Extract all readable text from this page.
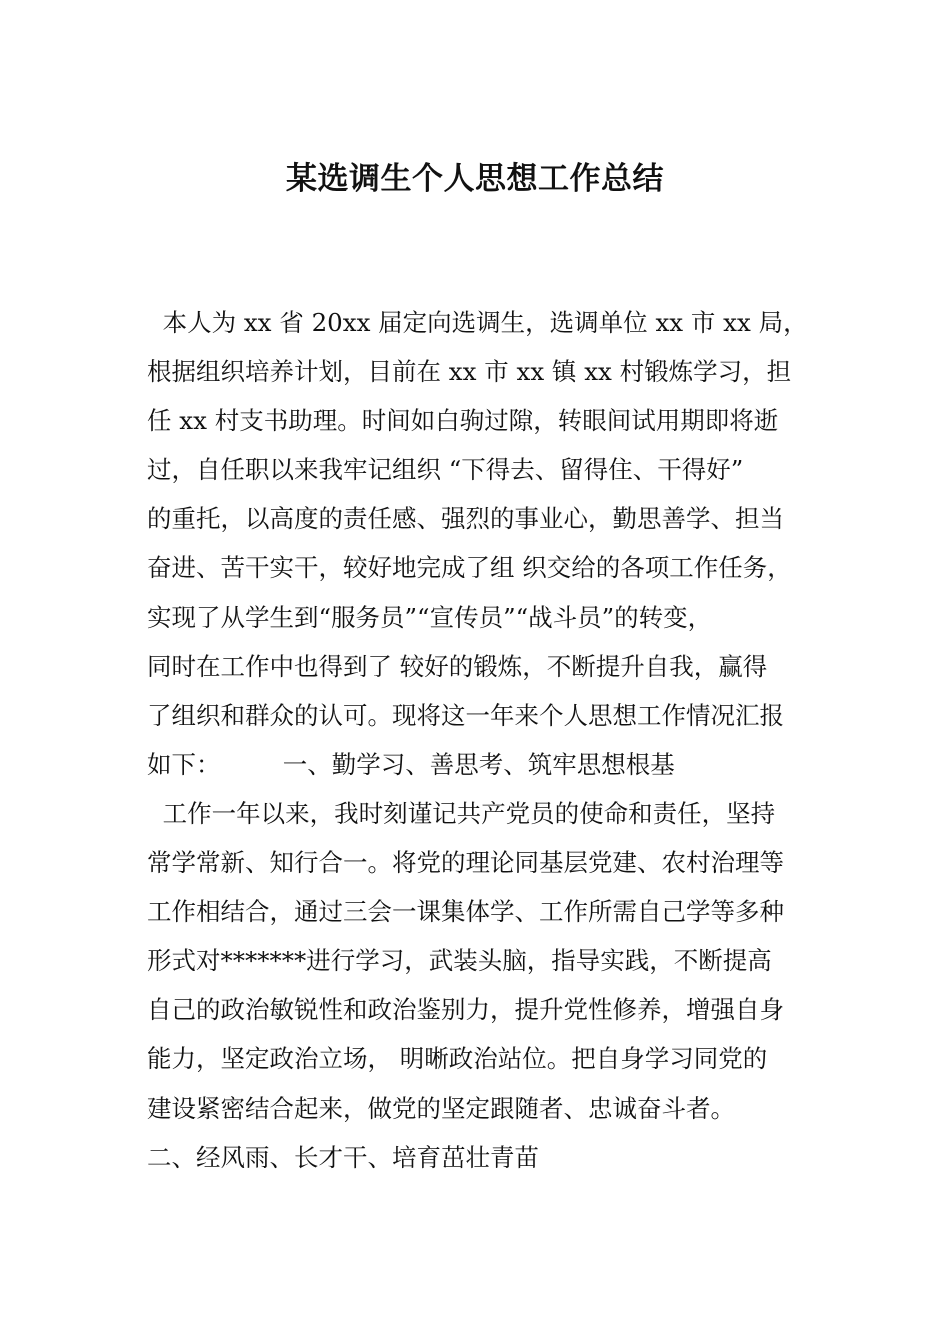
某选调生个人思想工作总结
本人为 xx 省 20xx 届定向选调生，选调单位 xx 市 xx 局，
根据组织培养计划，目前在 xx 市 xx 镇 xx 村锻炼学习，担
任 xx 村支书助理。时间如白驹过隙，转眼间试用期即将逝
过，自任职以来我牢记组织 “下得去、留得住、干得好”
的重托，以高度的责任感、强烈的事业心，勤思善学、担当
奋进、苦干实干，较好地完成了组 织交给的各项工作任务，
实现了从学生到“服务员”“宣传员”“战斗员”的转变，
同时在工作中也得到了 较好的锻炼，不断提升自我，赢得
了组织和群众的认可。现将这一年来个人思想工作情况汇报
如下：        一、勤学习、善思考、筑牢思想根基
工作一年以来，我时刻谨记共产党员的使命和责任，坚持
常学常新、知行合一。将党的理论同基层党建、农村治理等
工作相结合，通过三会一课集体学、工作所需自己学等多种
形式对*******进行学习，武装头脑，指导实践，不断提高
自己的政治敏锐性和政治鉴别力，提升党性修养，增强自身
能力，坚定政治立场， 明晰政治站位。把自身学习同党的
建设紧密结合起来，做党的坚定跟随者、忠诚奋斗者。
二、经风雨、长才干、培育茁壮青苗
